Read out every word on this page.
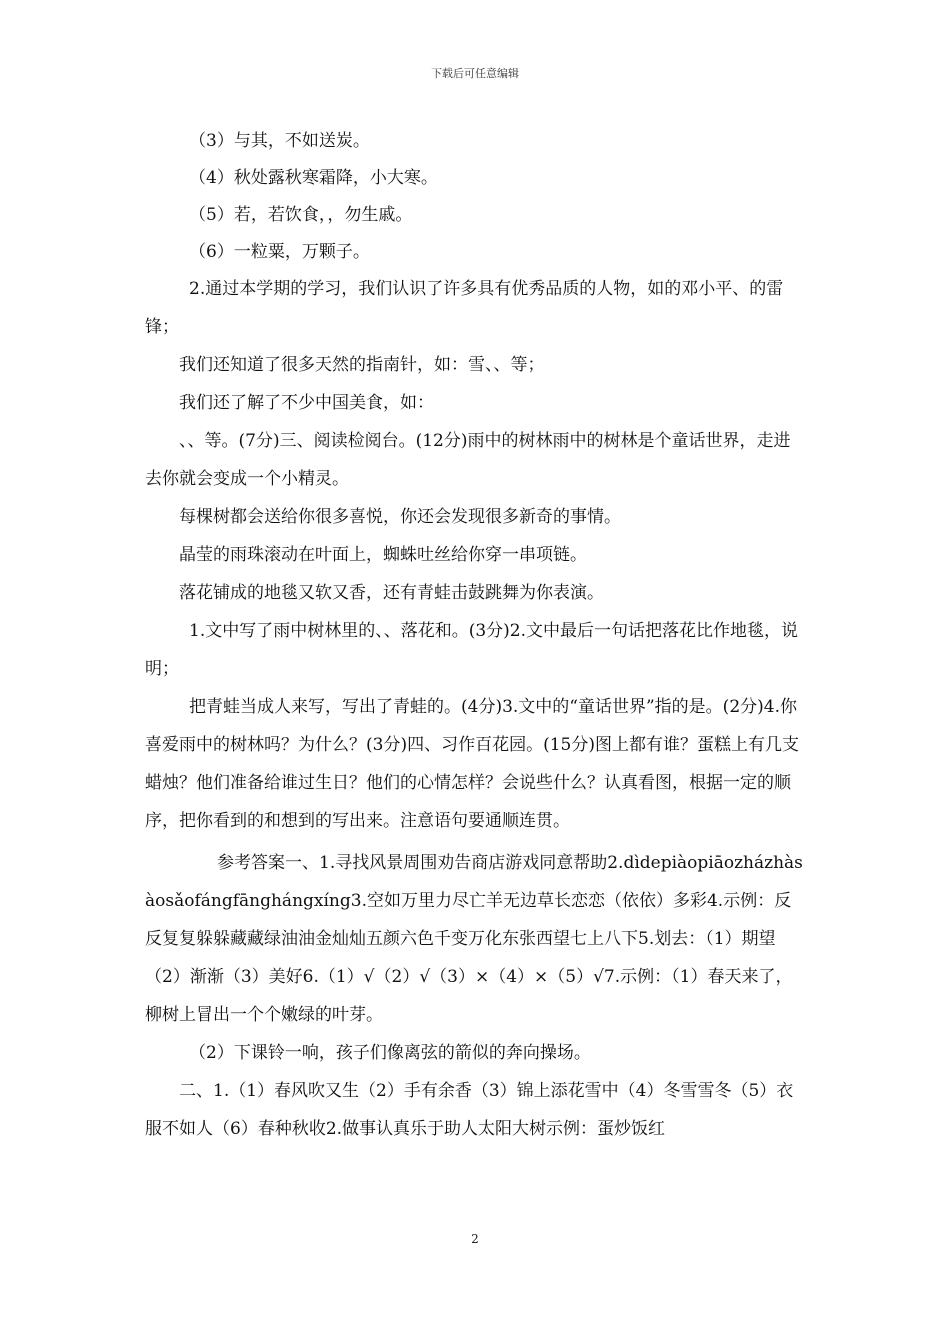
下载后可任意编辑

（3）与其，不如送炭。

（4）秋处露秋寒霜降，小大寒。

（5）若，若饮食，，勿生戚。

（6）一粒粟，万颗子。

2.通过本学期的学习，我们认识了许多具有优秀品质的人物，如的邓小平、的雷锋；

我们还知道了很多天然的指南针，如：雪、、等；

我们还了解了不少中国美食，如：

、、等。(7分)三、阅读检阅台。(12分)雨中的树林雨中的树林是个童话世界，走进去你就会变成一个小精灵。

每棵树都会送给你很多喜悦，你还会发现很多新奇的事情。

晶莹的雨珠滚动在叶面上，蜘蛛吐丝给你穿一串项链。

落花铺成的地毯又软又香，还有青蛙击鼓跳舞为你表演。

1.文中写了雨中树林里的、、落花和。(3分)2.文中最后一句话把落花比作地毯，说明；

把青蛙当成人来写，写出了青蛙的。(4分)3.文中的“童话世界”指的是。(2分)4.你喜爱雨中的树林吗？为什么？(3分)四、习作百花园。(15分)图上都有谁？蛋糕上有几支蜡烛？他们准备给谁过生日？他们的心情怎样？会说些什么？认真看图，根据一定的顺序，把你看到的和想到的写出来。注意语句要通顺连贯。

参考答案一、1.寻找风景周围劝告商店游戏同意帮助2.dìdepiàopiāozházhàsàosǎofángfānghángxíng3.空如万里力尽亡羊无边草长恋恋（依依）多彩4.示例：反反复复躲躲藏藏绿油油金灿灿五颜六色千变万化东张西望七上八下5.划去：（1）期望（2）渐渐（3）美好6.（1）√（2）√（3）×（4）×（5）√7.示例：（1）春天来了，柳树上冒出一个个嫩绿的叶芽。

（2）下课铃一响，孩子们像离弦的箭似的奔向操场。

二、1.（1）春风吹又生（2）手有余香（3）锦上添花雪中（4）冬雪雪冬（5）衣服不如人（6）春种秋收2.做事认真乐于助人太阳大树示例：蛋炒饭红

2
